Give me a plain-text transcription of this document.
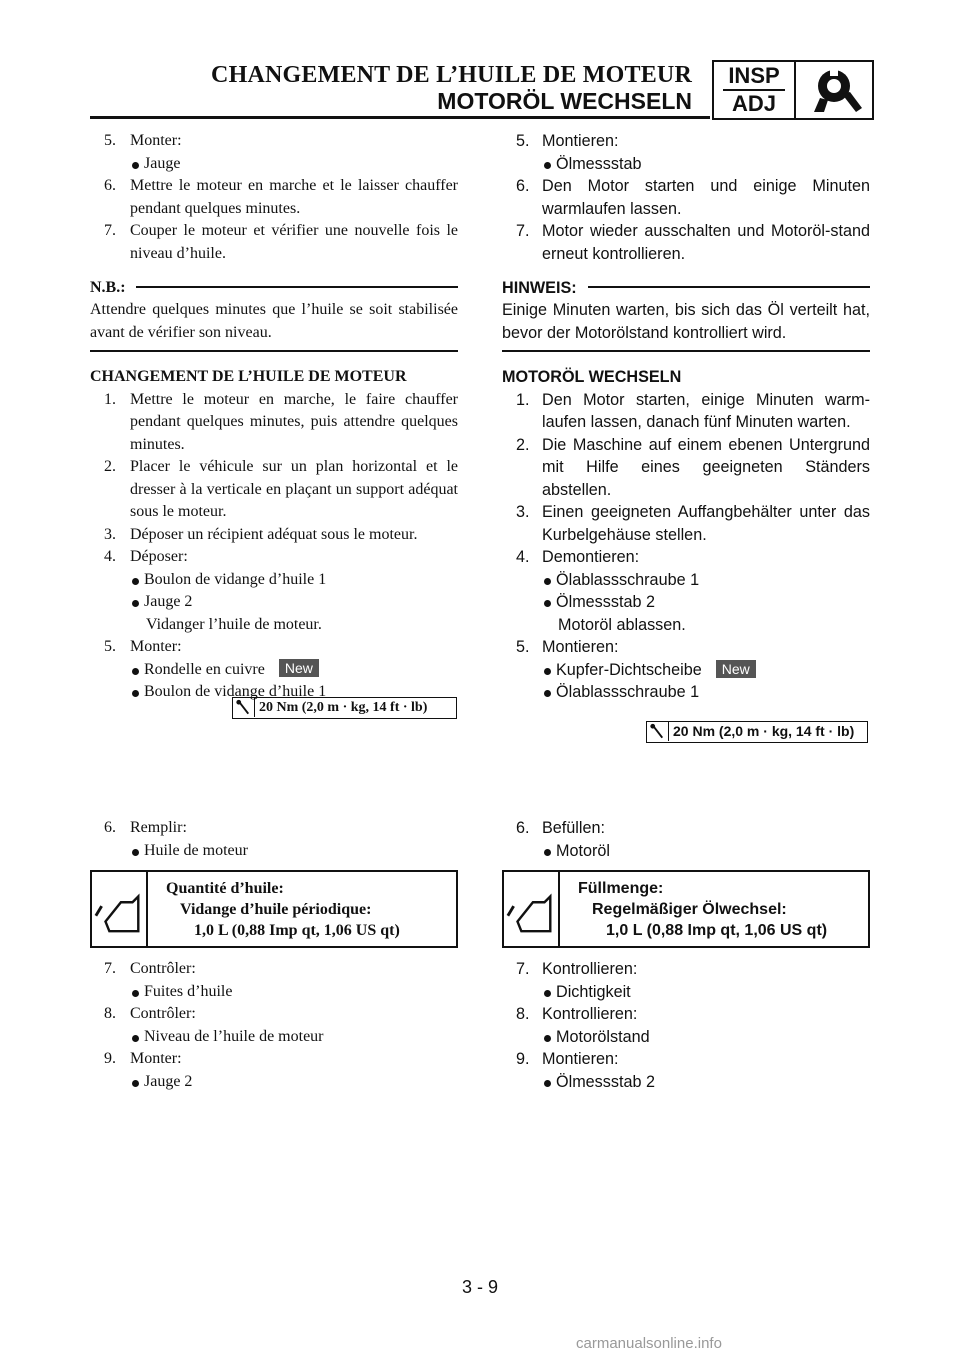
CHANGEMENT DE L’HUILE DE MOTEUR
MOTORÖL WECHSELN
INSP
ADJ
5. Monter:
Jauge
6. Mettre le moteur en marche et le laisser chauffer pendant quelques minutes.
7. Couper le moteur et vérifier une nouvelle fois le niveau d’huile.
N.B.:
Attendre quelques minutes que l’huile se soit stabilisée avant de vérifier son niveau.
CHANGEMENT DE L’HUILE DE MOTEUR
1. Mettre le moteur en marche, le faire chauffer pendant quelques minutes, puis attendre quelques minutes.
2. Placer le véhicule sur un plan horizontal et le dresser à la verticale en plaçant un support adéquat sous le moteur.
3. Déposer un récipient adéquat sous le moteur.
4. Déposer:
Boulon de vidange d’huile 1
Jauge 2
Vidanger l’huile de moteur.
5. Monter:
Rondelle en cuivre New
Boulon de vidange d’huile 1
20 Nm (2,0 m · kg, 14 ft · lb)
6. Remplir:
Huile de moteur
Quantité d’huile:
Vidange d’huile périodique:
1,0 L (0,88 Imp qt, 1,06 US qt)
7. Contrôler:
Fuites d’huile
8. Contrôler:
Niveau de l’huile de moteur
9. Monter:
Jauge 2
5. Montieren:
Ölmessstab
6. Den Motor starten und einige Minuten warmlaufen lassen.
7. Motor wieder ausschalten und Motoröl-stand erneut kontrollieren.
HINWEIS:
Einige Minuten warten, bis sich das Öl verteilt hat, bevor der Motorölstand kontrolliert wird.
MOTORÖL WECHSELN
1. Den Motor starten, einige Minuten warm-laufen lassen, danach fünf Minuten warten.
2. Die Maschine auf einem ebenen Untergrund mit Hilfe eines geeigneten Ständers abstellen.
3. Einen geeigneten Auffangbehälter unter das Kurbelgehäuse stellen.
4. Demontieren:
Ölablassschraube 1
Ölmessstab 2
Motoröl ablassen.
5. Montieren:
Kupfer-Dichtscheibe New
Ölablassschraube 1
20 Nm (2,0 m · kg, 14 ft · lb)
6. Befüllen:
Motoröl
Füllmenge:
Regelmäßiger Ölwechsel:
1,0 L (0,88 Imp qt, 1,06 US qt)
7. Kontrollieren:
Dichtigkeit
8. Kontrollieren:
Motorölstand
9. Montieren:
Ölmessstab 2
3 - 9
carmanualsonline.info
